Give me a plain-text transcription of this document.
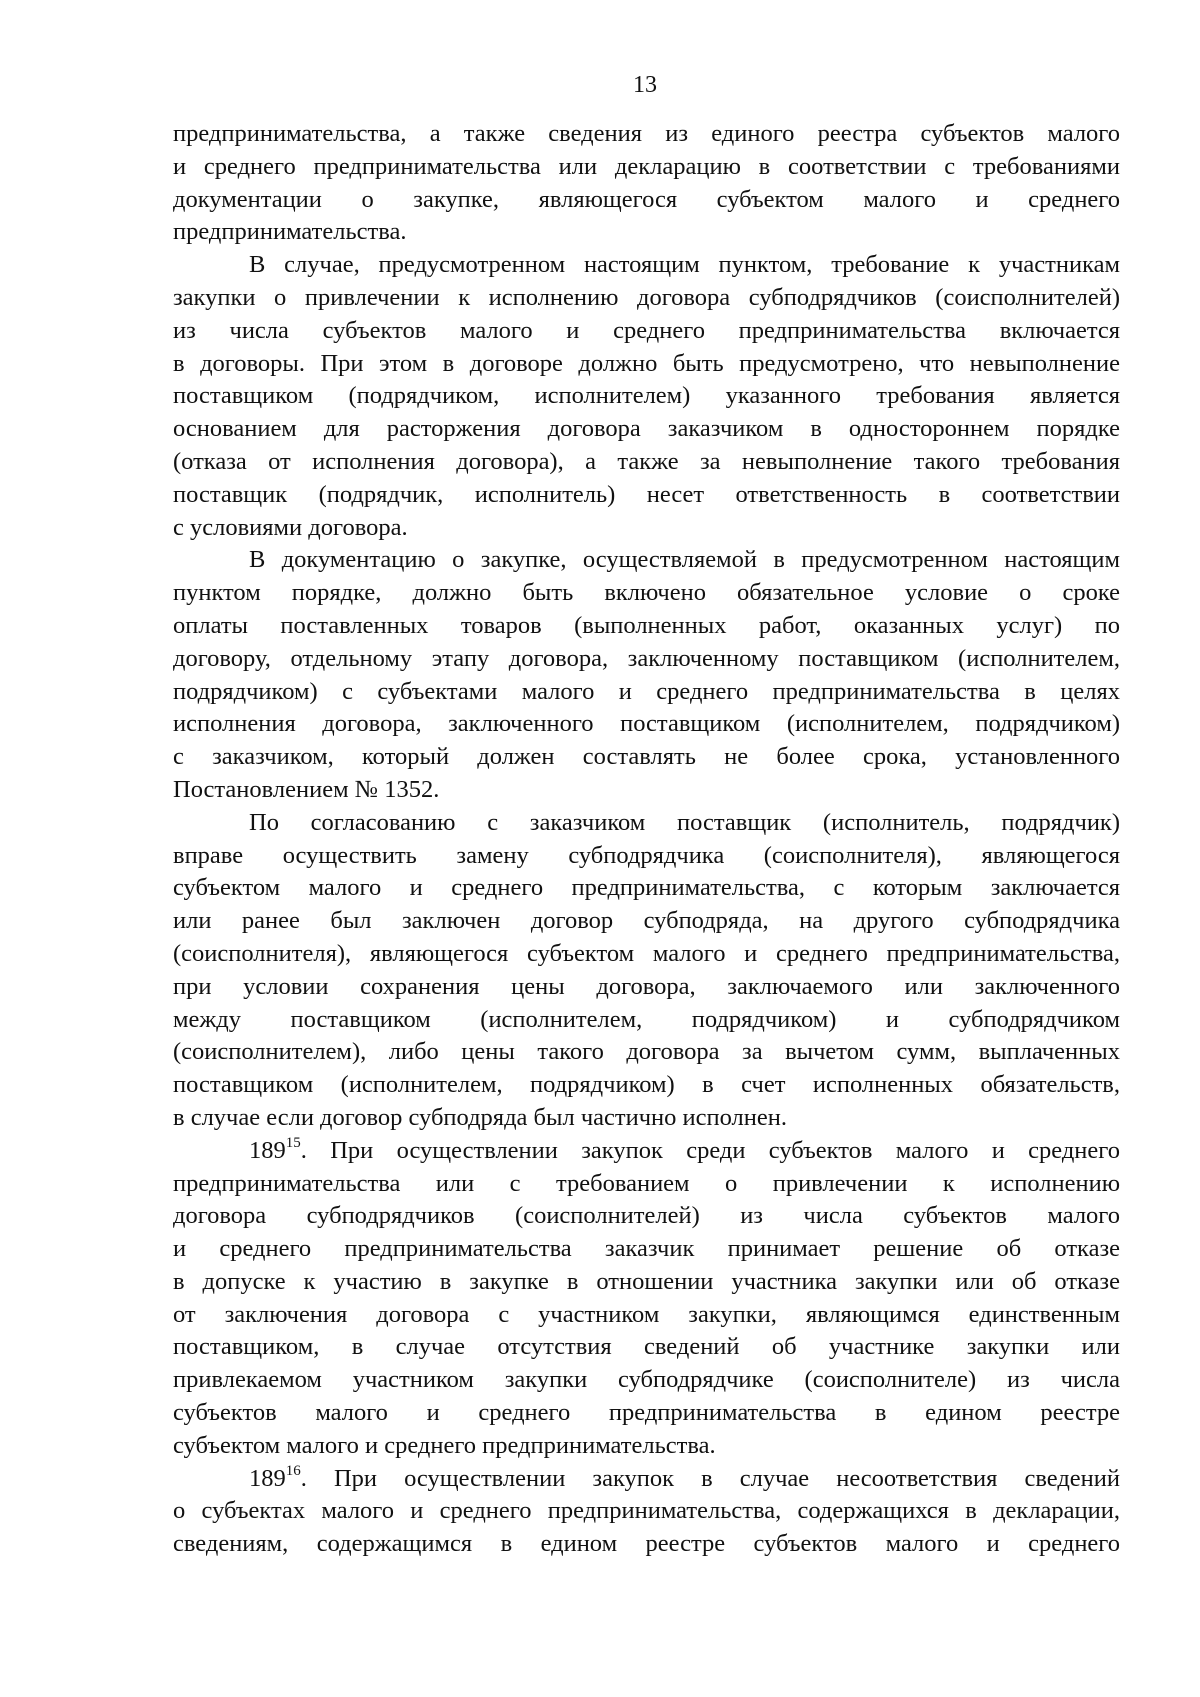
13

предпринимательства, а также сведения из единого реестра субъектов малого
и среднего предпринимательства или декларацию в соответствии с требованиями
документации о закупке, являющегося субъектом малого и среднего
предпринимательства.

В случае, предусмотренном настоящим пунктом, требование к участникам
закупки о привлечении к исполнению договора субподрядчиков (соисполнителей)
из числа субъектов малого и среднего предпринимательства включается
в договоры. При этом в договоре должно быть предусмотрено, что невыполнение
поставщиком (подрядчиком, исполнителем) указанного требования является
основанием для расторжения договора заказчиком в одностороннем порядке
(отказа от исполнения договора), а также за невыполнение такого требования
поставщик (подрядчик, исполнитель) несет ответственность в соответствии
с условиями договора.

В документацию о закупке, осуществляемой в предусмотренном настоящим
пунктом порядке, должно быть включено обязательное условие о сроке
оплаты поставленных товаров (выполненных работ, оказанных услуг) по
договору, отдельному этапу договора, заключенному поставщиком (исполнителем,
подрядчиком) с субъектами малого и среднего предпринимательства в целях
исполнения договора, заключенного поставщиком (исполнителем, подрядчиком)
с заказчиком, который должен составлять не более срока, установленного
Постановлением № 1352.

По согласованию с заказчиком поставщик (исполнитель, подрядчик)
вправе осуществить замену субподрядчика (соисполнителя), являющегося
субъектом малого и среднего предпринимательства, с которым заключается
или ранее был заключен договор субподряда, на другого субподрядчика
(соисполнителя), являющегося субъектом малого и среднего предпринимательства,
при условии сохранения цены договора, заключаемого или заключенного
между поставщиком (исполнителем, подрядчиком) и субподрядчиком
(соисполнителем), либо цены такого договора за вычетом сумм, выплаченных
поставщиком (исполнителем, подрядчиком) в счет исполненных обязательств,
в случае если договор субподряда был частично исполнен.

$189^{15}$. При осуществлении закупок среди субъектов малого и среднего
предпринимательства или с требованием о привлечении к исполнению
договора субподрядчиков (соисполнителей) из числа субъектов малого
и среднего предпринимательства заказчик принимает решение об отказе
в допуске к участию в закупке в отношении участника закупки или об отказе
от заключения договора с участником закупки, являющимся единственным
поставщиком, в случае отсутствия сведений об участнике закупки или
привлекаемом участником закупки субподрядчике (соисполнителе) из числа
субъектов малого и среднего предпринимательства в едином реестре
субъектом малого и среднего предпринимательства.

$189^{16}$. При осуществлении закупок в случае несоответствия сведений
о субъектах малого и среднего предпринимательства, содержащихся в декларации,
сведениям, содержащимся в едином реестре субъектов малого и среднего
